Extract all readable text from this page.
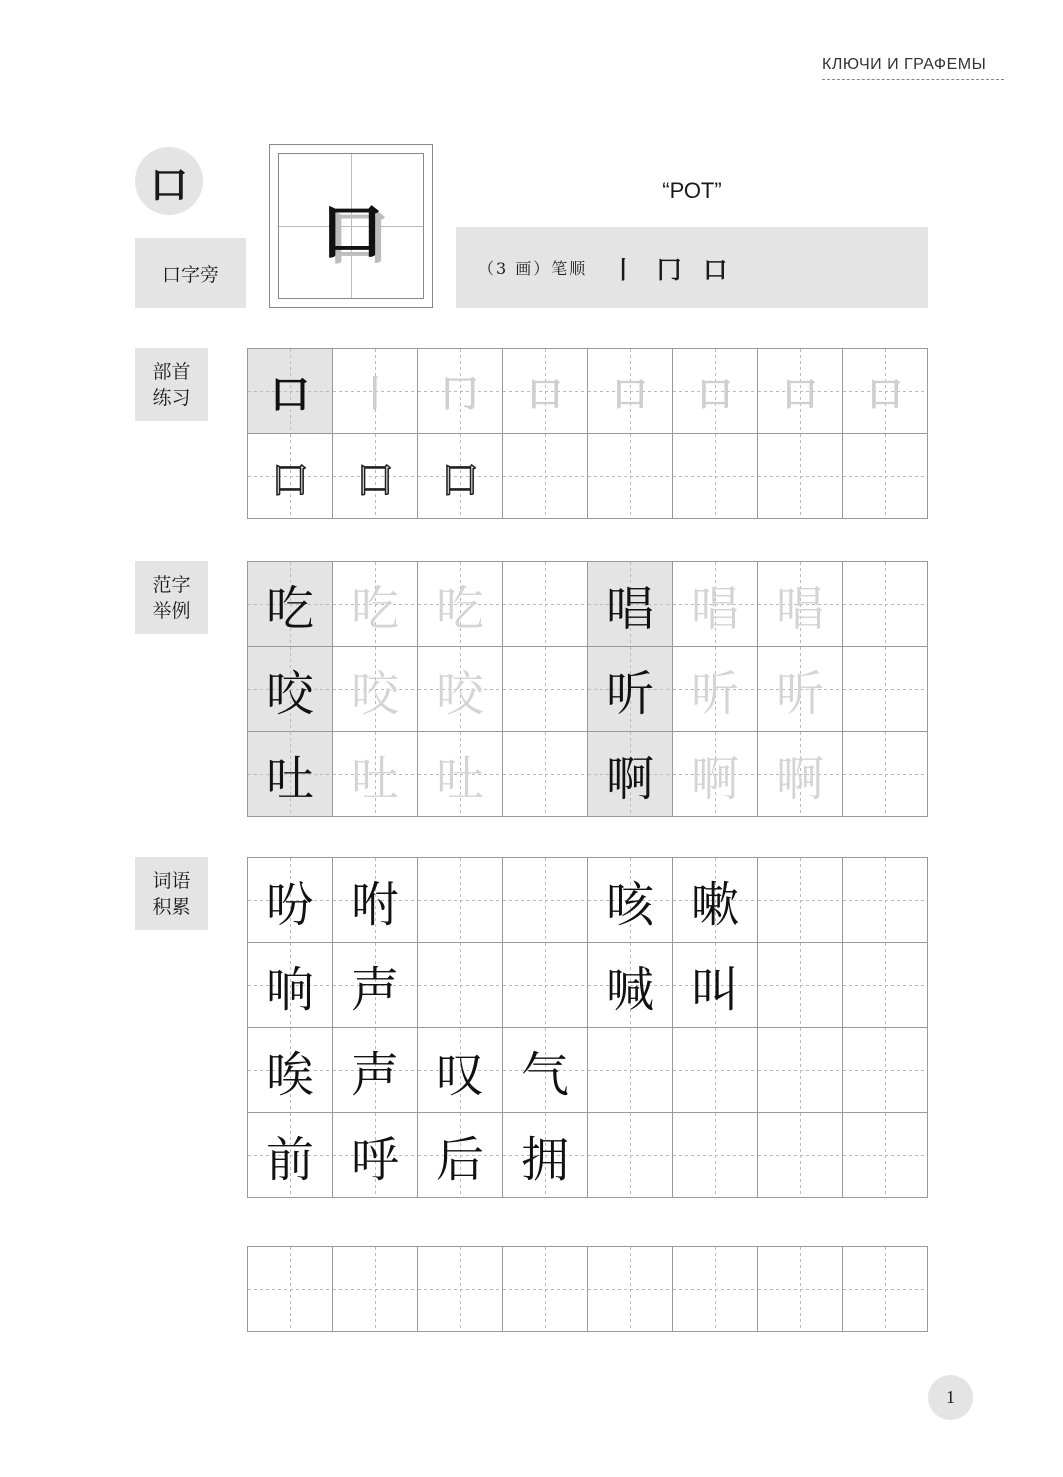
КЛЮЧИ И ГРАФЕМЫ
口
口字旁
口
“РОТ”
（3 画）笔顺 丨 冂 口
部首
练习 口 丨 冂 口 口 口 口 口
口 口 口
范字
举例 吃 吃 吃	唱 唱 唱
咬 咬 咬	听 听 听
吐 吐 吐	啊 啊 啊
词语
积累 吩 咐	咳 嗽
响 声	喊 叫
唉 声 叹 气
前 呼 后 拥
1
